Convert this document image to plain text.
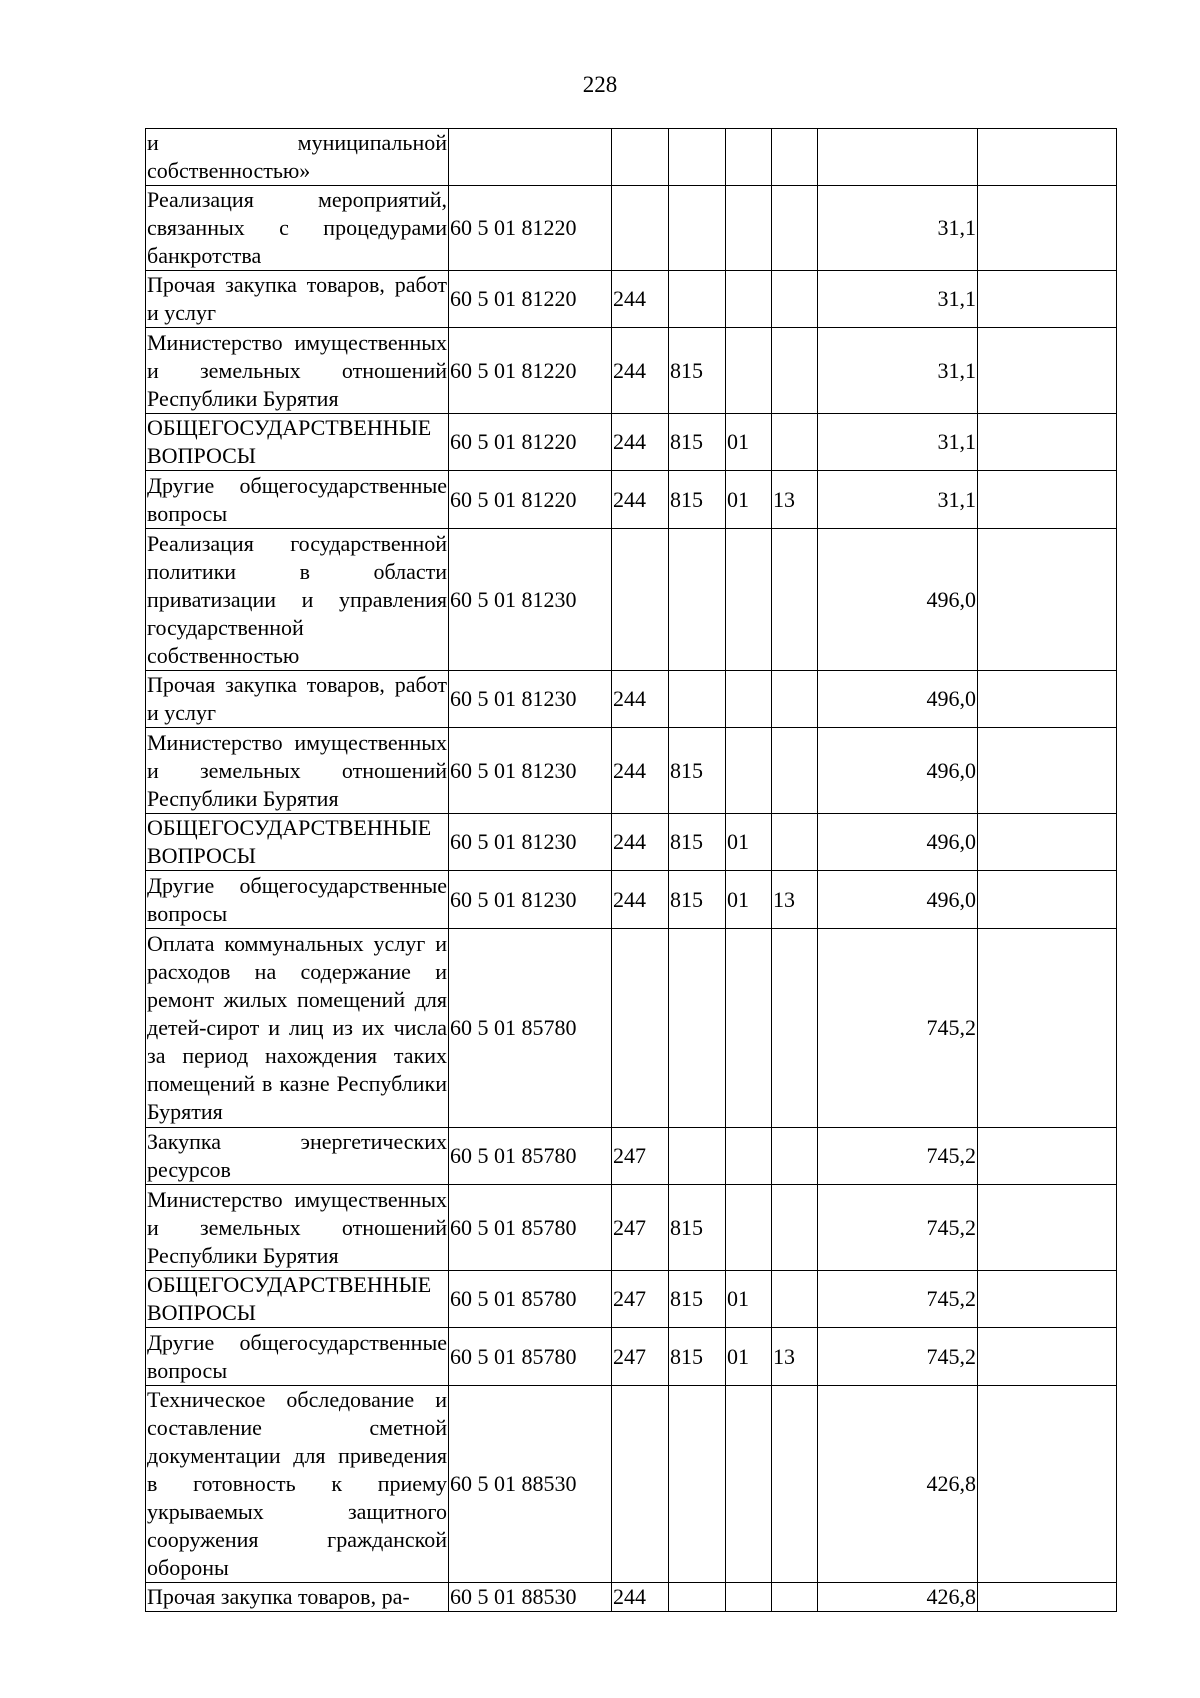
228
и муниципальной собственностью»							
Реализация мероприятий, связанных с процедурами банкротства	60 5 01 81220					31,1	
Прочая закупка товаров, работ и услуг	60 5 01 81220	244				31,1	
Министерство имущественных и земельных отношений Республики Бурятия	60 5 01 81220	244	815			31,1	
ОБЩЕГОСУДАРСТВЕННЫЕ ВОПРОСЫ	60 5 01 81220	244	815	01		31,1	
Другие общегосударственные вопросы	60 5 01 81220	244	815	01	13	31,1	
Реализация государственной политики в области приватизации и управления государственной собственностью	60 5 01 81230					496,0	
Прочая закупка товаров, работ и услуг	60 5 01 81230	244				496,0	
Министерство имущественных и земельных отношений Республики Бурятия	60 5 01 81230	244	815			496,0	
ОБЩЕГОСУДАРСТВЕННЫЕ ВОПРОСЫ	60 5 01 81230	244	815	01		496,0	
Другие общегосударственные вопросы	60 5 01 81230	244	815	01	13	496,0	
Оплата коммунальных услуг и расходов на содержание и ремонт жилых помещений для детей-сирот и лиц из их числа за период нахождения таких помещений в казне Республики Бурятия	60 5 01 85780					745,2	
Закупка энергетических ресурсов	60 5 01 85780	247				745,2	
Министерство имущественных и земельных отношений Республики Бурятия	60 5 01 85780	247	815			745,2	
ОБЩЕГОСУДАРСТВЕННЫЕ ВОПРОСЫ	60 5 01 85780	247	815	01		745,2	
Другие общегосударственные вопросы	60 5 01 85780	247	815	01	13	745,2	
Техническое обследование и составление сметной документации для приведения в готовность к приему укрываемых защитного сооружения гражданской обороны	60 5 01 88530					426,8	
Прочая закупка товаров, ра-	60 5 01 88530	244				426,8	
